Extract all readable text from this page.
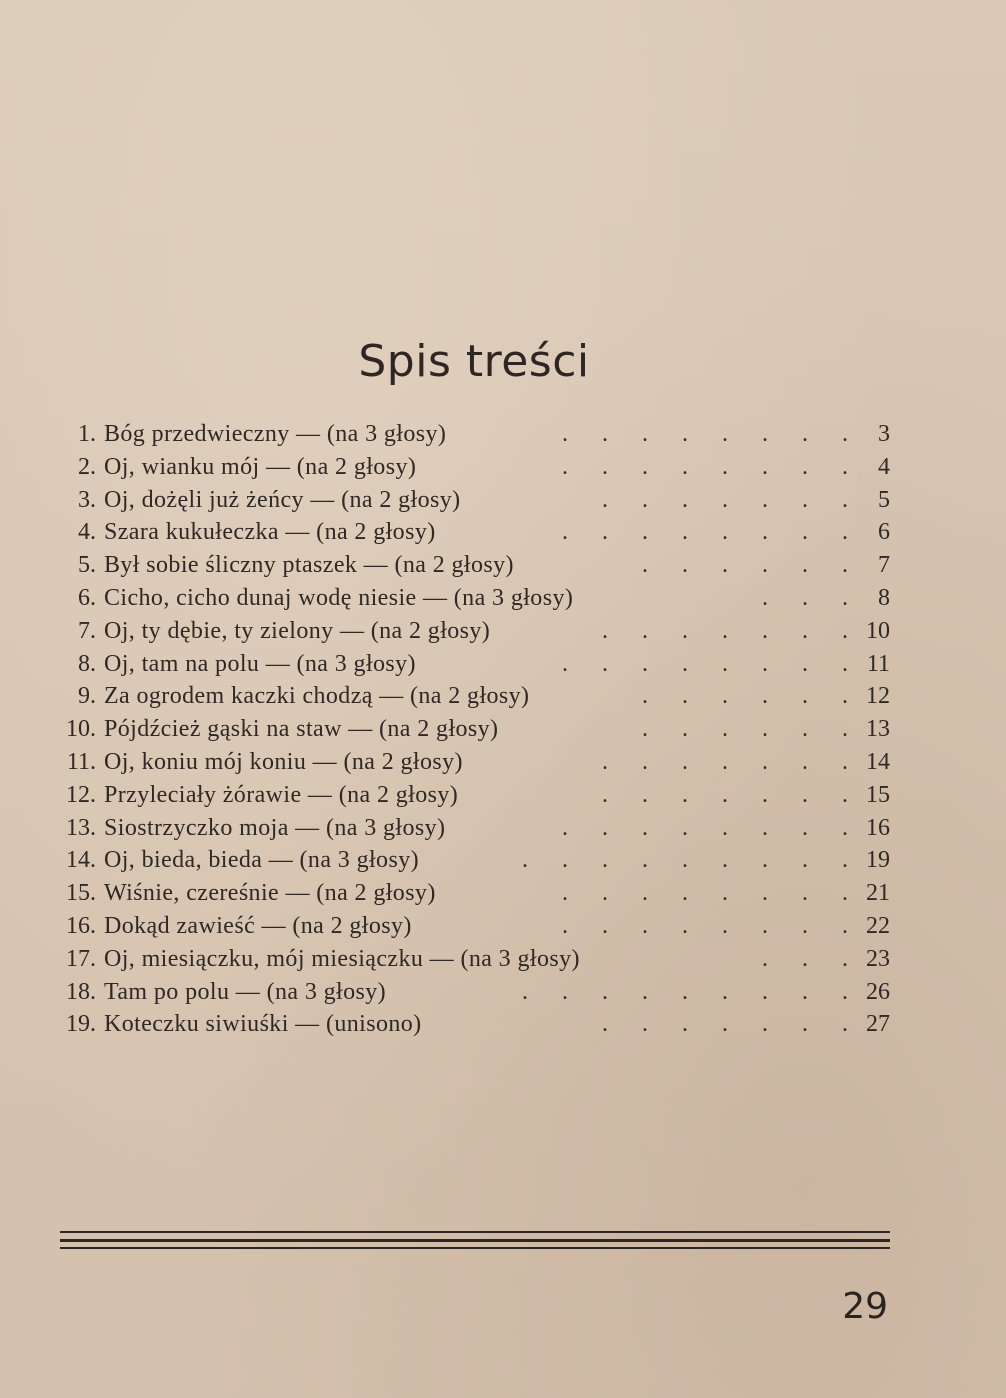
Spis treści
1. Bóg przedwieczny — (na 3 głosy)	. . . . . . . . 3
2. Oj, wianku mój — (na 2 głosy)	. . . . . . . . 4
3. Oj, dożęli już żeńcy — (na 2 głosy)	. . . . . . . 5
4. Szara kukułeczka — (na 2 głosy)	. . . . . . . . 6
5. Był sobie śliczny ptaszek — (na 2 głosy)	. . . . . . 7
6. Cicho, cicho dunaj wodę niesie — (na 3 głosy)	. . . 8
7. Oj, ty dębie, ty zielony — (na 2 głosy)	. . . . . . . 10
8. Oj, tam na polu — (na 3 głosy)	. . . . . . . . 11
9. Za ogrodem kaczki chodzą — (na 2 głosy)	. . . . . . 12
10. Pójdźcież gąski na staw — (na 2 głosy)	. . . . . . 13
11. Oj, koniu mój koniu — (na 2 głosy)	. . . . . . . 14
12. Przyleciały żórawie — (na 2 głosy)	. . . . . . . 15
13. Siostrzyczko moja — (na 3 głosy)	. . . . . . . . 16
14. Oj, bieda, bieda — (na 3 głosy)	. . . . . . . . . 19
15. Wiśnie, czereśnie — (na 2 głosy)	. . . . . . . . 21
16. Dokąd zawieść — (na 2 głosy)	. . . . . . . . 22
17. Oj, miesiączku, mój miesiączku — (na 3 głosy)	. . . 23
18. Tam po polu — (na 3 głosy)	. . . . . . . . . 26
19. Koteczku siwiuśki — (unisono)	. . . . . . . 27
29
